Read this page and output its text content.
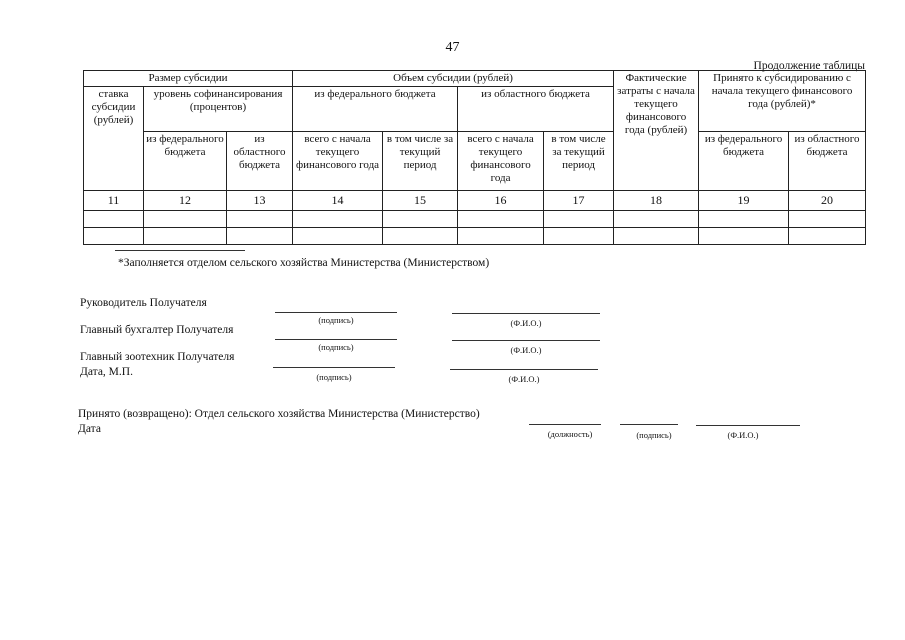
47
Продолжение таблицы
Размер субсидии			Объем субсидии (рублей)				Фактические затраты с начала текущего финансового года (рублей)	Принято к субсидированию с начала текущего финансового года (рублей)*	
ставка субсидии (рублей)	уровень софинансирования (процентов)		из федерального бюджета		из областного бюджета				
	из федерального бюджета	из областного бюджета	всего с начала текущего финансового года	в том числе за текущий период	всего с начала текущего финансового года	в том числе за текущий период		из федерального бюджета	из областного бюджета
11	12	13	14	15	16	17	18	19	20

*Заполняется отделом сельского хозяйства Министерства (Министерством)
Руководитель Получателя
(подпись)	(Ф.И.О.)
Главный бухгалтер Получателя
(подпись)	(Ф.И.О.)
Главный зоотехник Получателя
Дата, М.П.	(подпись)	(Ф.И.О.)
Принято (возвращено): Отдел сельского хозяйства Министерства (Министерство)
Дата	(должность)	(подпись)	(Ф.И.О.)
